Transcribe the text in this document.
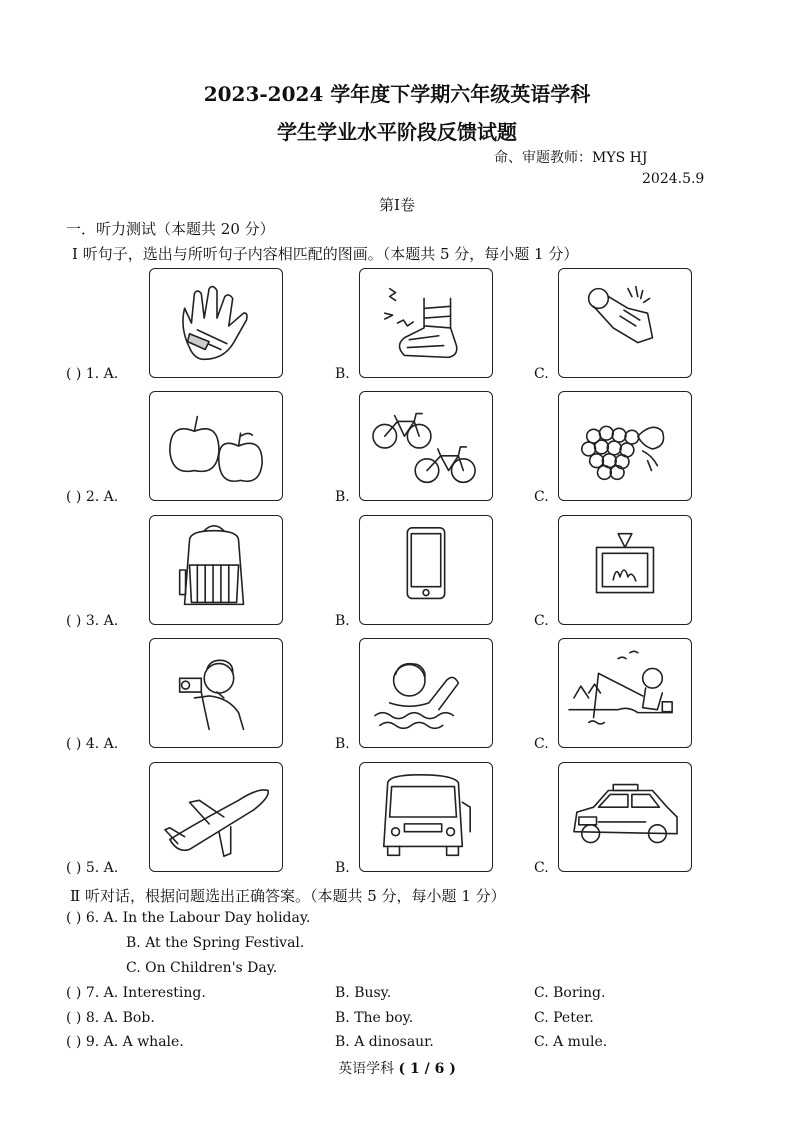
2023-2024 学年度下学期六年级英语学科
学生学业水平阶段反馈试题
命、审题教师：MYS HJ
2024.5.9
第Ⅰ卷
一．听力测试（本题共 20 分）
Ⅰ 听句子，选出与所听句子内容相匹配的图画。（本题共 5 分，每小题 1 分）
( ) 1. A.	B.	C.
( ) 2. A.	B.	C.
( ) 3. A.	B.	C.
( ) 4. A.	B.	C.
( ) 5. A.	B.	C.
Ⅱ 听对话，根据问题选出正确答案。（本题共 5 分，每小题 1 分）
( ) 6. A. In the Labour Day holiday.
B. At the Spring Festival.
C. On Children's Day.
( ) 7. A. Interesting.	B. Busy.	C. Boring.
( ) 8. A. Bob.	B. The boy.	C. Peter.
( ) 9. A. A whale.	B. A dinosaur.	C. A mule.
英语学科 ( 1 / 6 )
